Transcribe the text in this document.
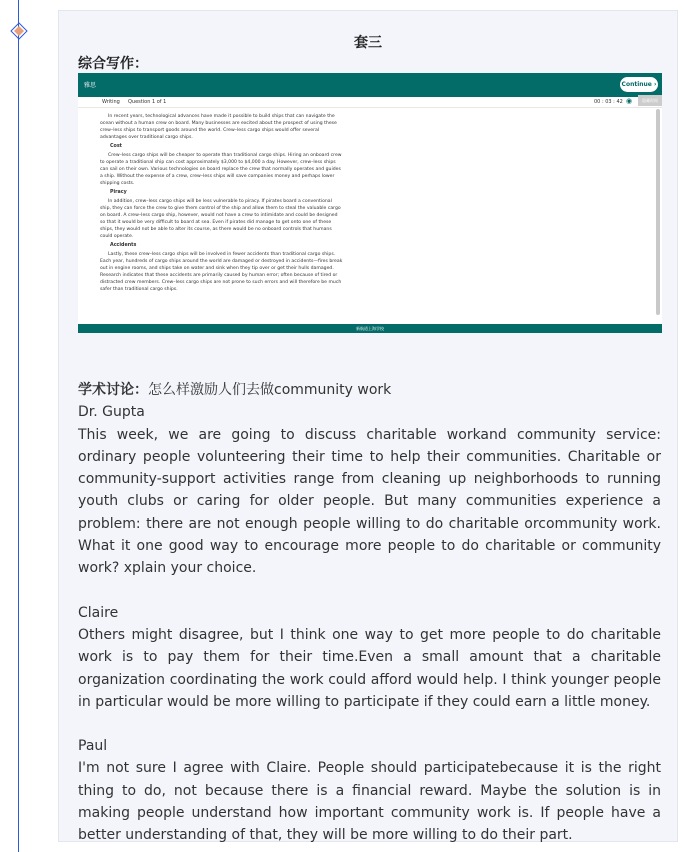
套三
综合写作：
雅思	Continue ›
Writing Question 1 of 1	00 : 03 : 42 ◉	隐藏时间

In recent years, technological advances have made it possible to build ships that can navigate the ocean without a human crew on board. Many businesses are excited about the prospect of using these crew–less ships to transport goods around the world. Crew–less cargo ships would offer several advantages over traditional cargo ships.

Cost

Crew–less cargo ships will be cheaper to operate than traditional cargo ships. Hiring an onboard crew to operate a traditional ship can cost approximately $3,000 to $4,000 a day. However, crew–less ships can sail on their own. Various technologies on board replace the crew that normally operates and guides a ship. Without the expense of a crew, crew–less ships will save companies money and perhaps lower shipping costs.

Piracy

In addition, crew–less cargo ships will be less vulnerable to piracy. If pirates board a conventional ship, they can force the crew to give them control of the ship and allow them to steal the valuable cargo on board. A crew–less cargo ship, however, would not have a crew to intimidate and could be designed so that it would be very difficult to board at sea. Even if pirates did manage to get onto one of these ships, they would not be able to alter its course, as there would be no onboard controls that humans could operate.

Accidents

Lastly, these crew–less cargo ships will be involved in fewer accidents than traditional cargo ships. Each year, hundreds of cargo ships around the world are damaged or destroyed in accidents—fires break out in engine rooms, and ships take on water and sink when they tip over or get their hulls damaged. Research indicates that these accidents are primarily caused by human error; often because of tired or distracted crew members. Crew–less cargo ships are not prone to such errors and will therefore be much safer than traditional cargo ships.

新航道上海学校

学术讨论：怎么样激励人们去做community work

Dr. Gupta

This week, we are going to discuss charitable workand community service: ordinary people volunteering their time to help their communities. Charitable or community-support activities range from cleaning up neighborhoods to running youth clubs or caring for older people. But many communities experience a problem: there are not enough people willing to do charitable orcommunity work. What it one good way to encourage more people to do charitable or community work? xplain your choice.

Claire

Others might disagree, but I think one way to get more people to do charitable work is to pay them for their time.Even a small amount that a charitable organization coordinating the work could afford would help. I think younger people in particular would be more willing to participate if they could earn a little money.

Paul

I'm not sure I agree with Claire. People should participatebecause it is the right thing to do, not because there is a financial reward. Maybe the solution is in making people understand how important community work is. If people have a better understanding of that, they will be more willing to do their part.
